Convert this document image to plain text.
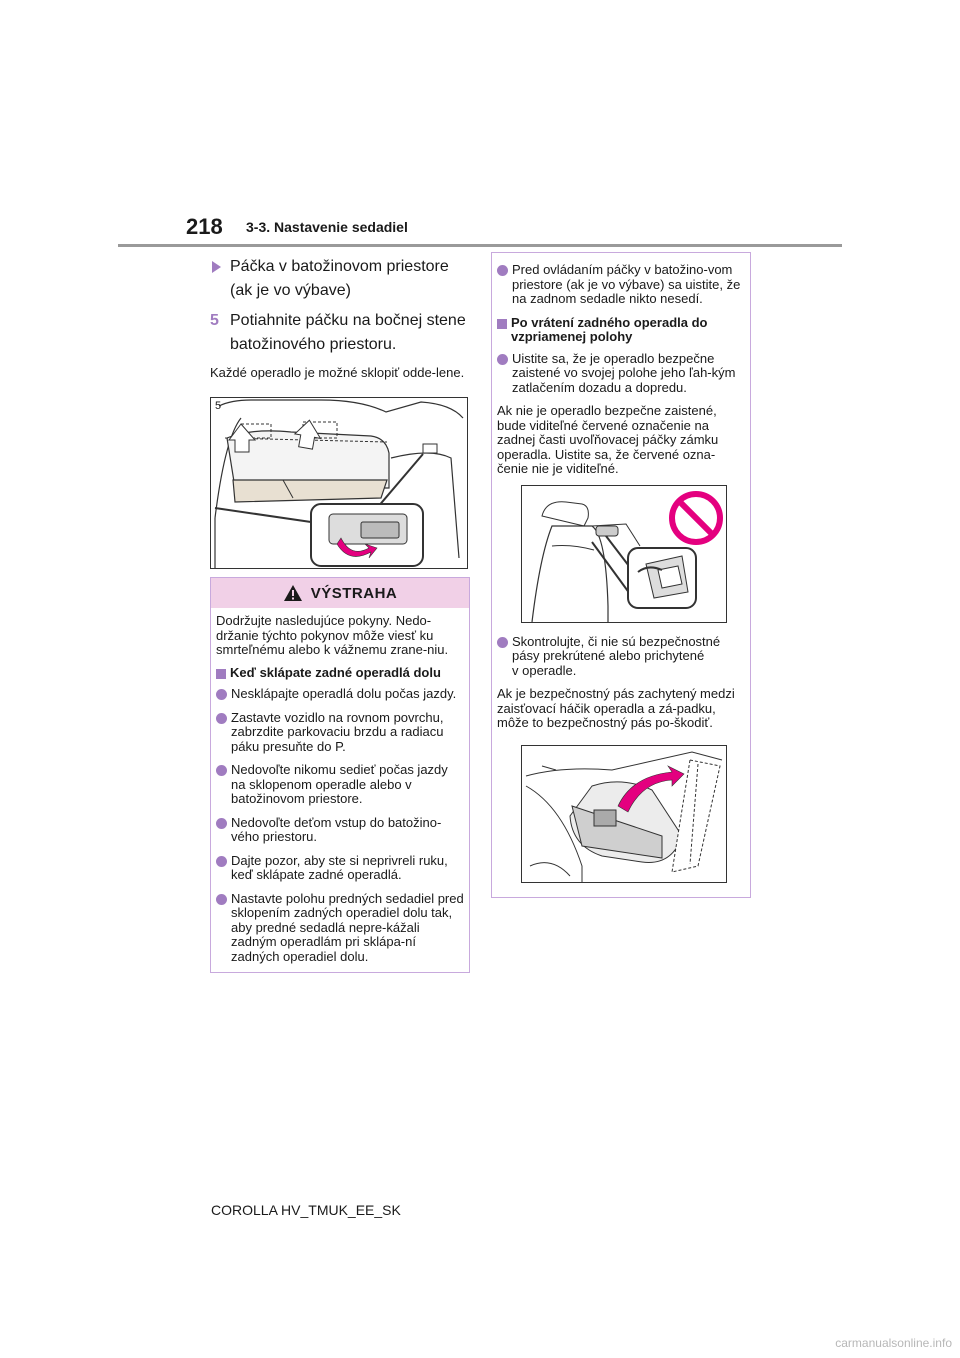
218 3-3. Nastavenie sedadiel
Páčka v batožinovom priestore (ak je vo výbave)
5 Potiahnite páčku na bočnej stene batožinového priestoru.

Každé operadlo je možné sklopiť odde-lene.

5
VÝSTRAHA

Dodržujte nasledujúce pokyny. Nedo-držanie týchto pokynov môže viesť ku smrteľnému alebo k vážnemu zrane-niu.

Keď sklápate zadné operadlá dolu

Nesklápajte operadlá dolu počas jazdy.

Zastavte vozidlo na rovnom povrchu, zabrzdite parkovaciu brzdu a radiacu páku presuňte do P.

Nedovoľte nikomu sedieť počas jazdy na sklopenom operadle alebo v batožinovom priestore.

Nedovoľte deťom vstup do batožino-vého priestoru.

Dajte pozor, aby ste si neprivreli ruku, keď sklápate zadné operadlá.

Nastavte polohu predných sedadiel pred sklopením zadných operadiel dolu tak, aby predné sedadlá nepre-kážali zadným operadlám pri sklápa-ní zadných operadiel dolu.

Pred ovládaním páčky v batožino-vom priestore (ak je vo výbave) sa uistite, že na zadnom sedadle nikto nesedí.

Po vrátení zadného operadla do vzpriamenej polohy

Uistite sa, že je operadlo bezpečne zaistené vo svojej polohe jeho ľah-kým zatlačením dozadu a dopredu.

Ak nie je operadlo bezpečne zaistené, bude viditeľné červené označenie na zadnej časti uvoľňovacej páčky zámku operadla. Uistite sa, že červené ozna-čenie nie je viditeľné.

Skontrolujte, či nie sú bezpečnostné pásy prekrútené alebo prichytené
v operadle.

Ak je bezpečnostný pás zachytený medzi zaisťovací háčik operadla a zá-padku, môže to bezpečnostný pás po-škodiť.

COROLLA HV_TMUK_EE_SK
carmanualsonline.info
